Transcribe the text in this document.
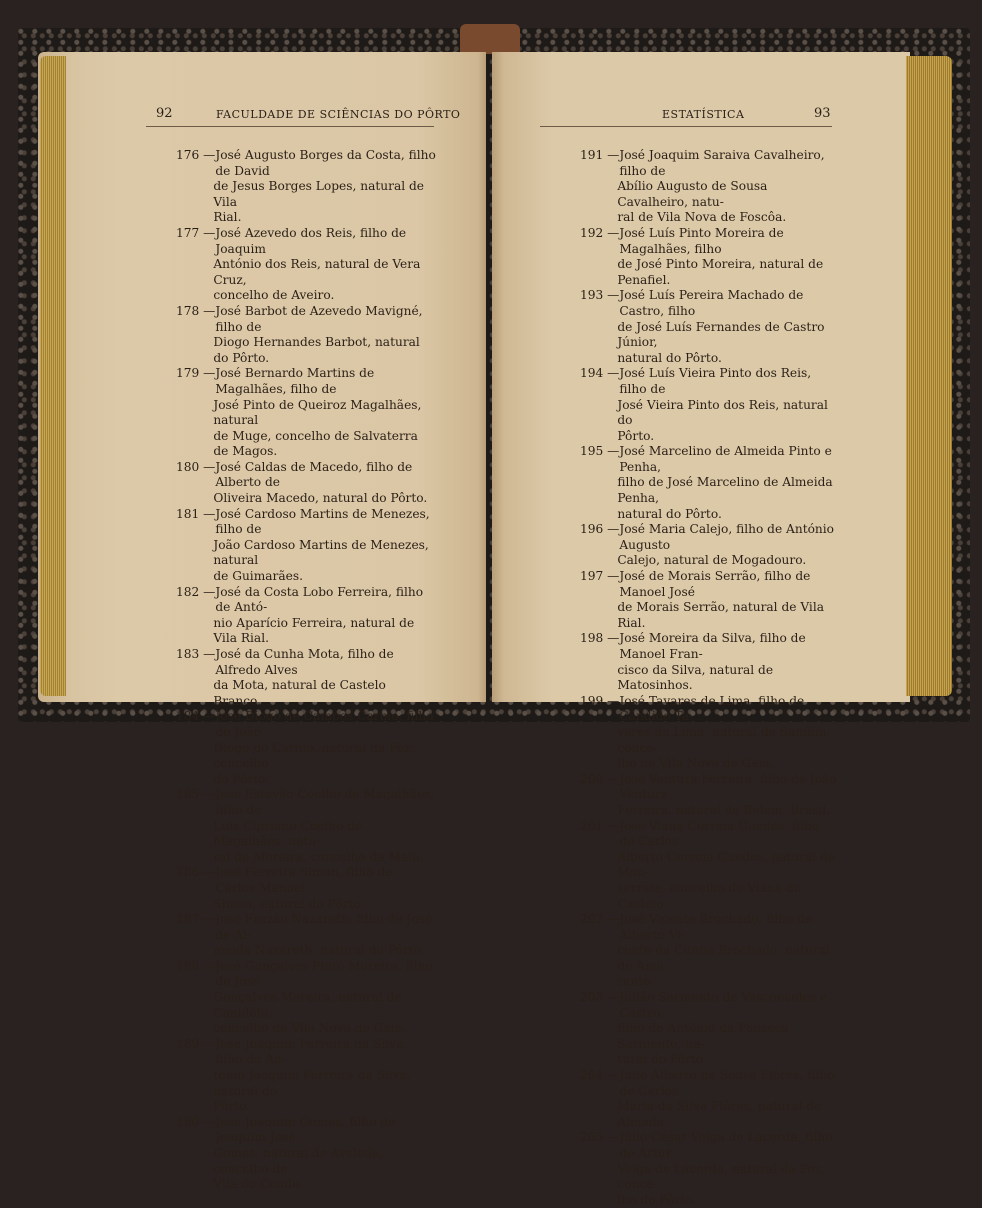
92	FACULDADE DE SCIÊNCIAS DO PÔRTO
176 — José Augusto Borges da Costa, filho de David
de Jesus Borges Lopes, natural de Vila
Rial.
177 — José Azevedo dos Reis, filho de Joaquim
António dos Reis, natural de Vera Cruz,
concelho de Aveiro.
178 — José Barbot de Azevedo Mavigné, filho de
Diogo Hernandes Barbot, natural do Pôrto.
179 — José Bernardo Martins de Magalhães, filho de
José Pinto de Queiroz Magalhães, natural
de Muge, concelho de Salvaterra de Magos.
180 — José Caldas de Macedo, filho de Alberto de
Oliveira Macedo, natural do Pôrto.
181 — José Cardoso Martins de Menezes, filho de
João Cardoso Martins de Menezes, natural
de Guimarães.
182 — José da Costa Lobo Ferreira, filho de Antó-
nio Aparício Ferreira, natural de Vila Rial.
183 — José da Cunha Mota, filho de Alfredo Alves
da Mota, natural de Castelo Branco.
184 — José Diogo de Campos Carmo, filho de João
Diogo do Carmo, natural da Foz, concelho
do Pôrto.
185 — José Estevão Coelho de Magalhães, filho de
Luís Cipriano Coelho de Magalhães, natu-
ral de Moreira, concelho da Maia.
186 — José Ferreira Simon, filho de Carlos Manoel
Simon, natural do Pôrto.
187 — José Frazão Nazareth, filho de José de Al-
meida Nazareth, natural do Pôrto.
188 — José Gonçalves Pinto Moreira, filho de José
Gonçalves Moreira, natural de Canidêlo,
concelho de Vila Nova de Gaia.
189 — José Joaquim Ferreira da Silva, filho de An-
tónio Joaquim Ferreira da Silva, natural do
Pôrto.
190 — José Joaquim Gomes, filho de Joaquim José
Gomes, natural de Aveleda, concelho de
Vila do Conde.
ESTATÍSTICA	93
191 — José Joaquim Saraiva Cavalheiro, filho de
Abílio Augusto de Sousa Cavalheiro, natu-
ral de Vila Nova de Foscôa.
192 — José Luís Pinto Moreira de Magalhães, filho
de José Pinto Moreira, natural de Penafiel.
193 — José Luís Pereira Machado de Castro, filho
de José Luís Fernandes de Castro Júnior,
natural do Pôrto.
194 — José Luís Vieira Pinto dos Reis, filho de
José Vieira Pinto dos Reis, natural do
Pôrto.
195 — José Marcelino de Almeida Pinto e Penha,
filho de José Marcelino de Almeida Penha,
natural do Pôrto.
196 — José Maria Calejo, filho de António Augusto
Calejo, natural de Mogadouro.
197 — José de Morais Serrão, filho de Manoel José
de Morais Serrão, natural de Vila Rial.
198 — José Moreira da Silva, filho de Manoel Fran-
cisco da Silva, natural de Matosinhos.
199 — José Tavares de Lima, filho de Cândido Ta-
vares de Lima, natural de Sandim, conce-
lho de Vila Nova de Gaia.
200 — José Ventura Ferreira, filho de João Ventura
Ferreira, natural de Belem, Brasil.
201 — José Viana Correia Guedes, filho de Carlos
Alberto Correia Guedes, natural de Mon-
serrate, concelho de Viana do Castelo.
202 — José Vicente Brochado, filho de Alberto Vi-
cente da Cunha Brochado, natural de Ama-
rante.
203 — Julião Sarmento de Vasconcelos e Castro,
filho de António da Fonseca Sarmento, na-
tural do Pôrto.
204 — Júlio Alberto de Sousa Flôres, filho de Carlos
Maria da Silva Flôres, natural de Almada.
205 — Júlio César Veiga de Lacerda, filho de Artur
Veiga de Lacerda, natural da Foz, conce-
lho do Pôrto.
